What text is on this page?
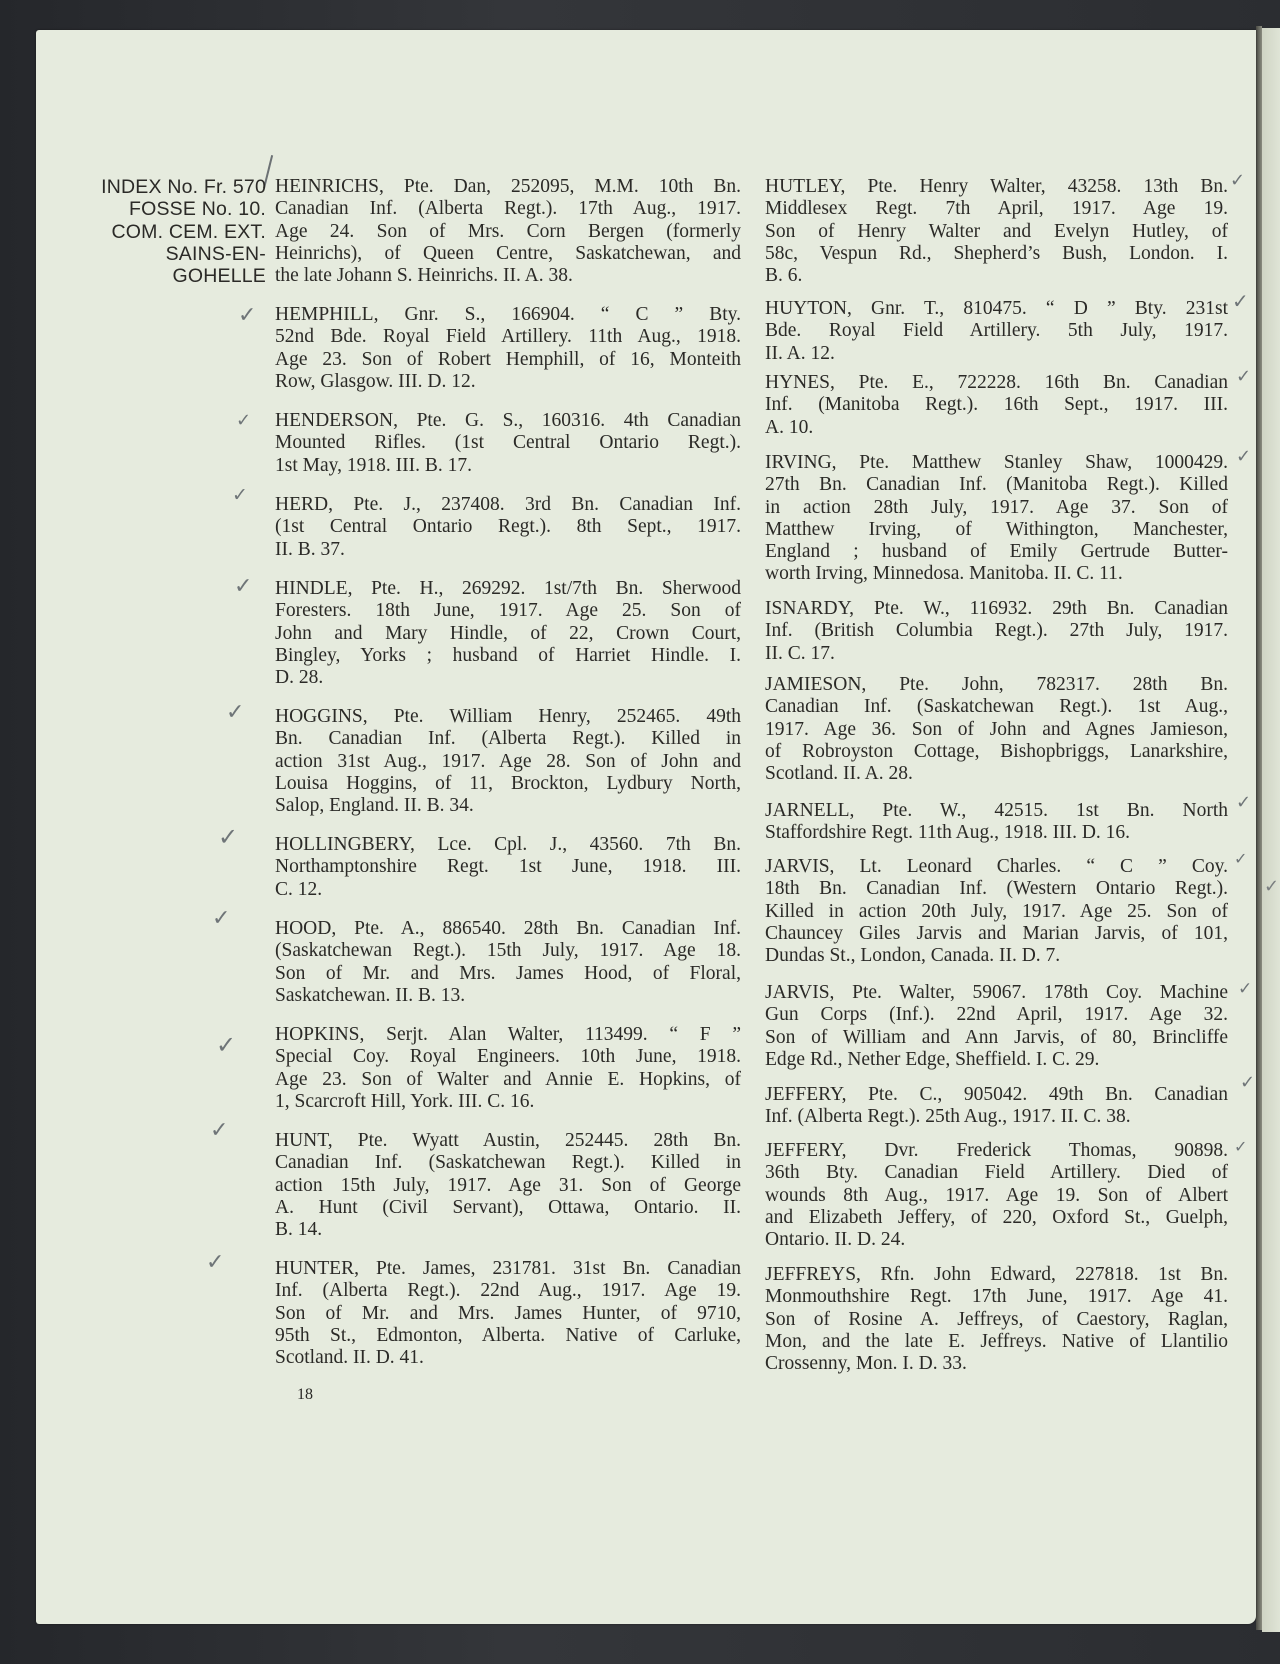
INDEX No. Fr. 570
FOSSE No. 10.
COM. CEM. EXT.
SAINS-EN-
GOHELLE
HEINRICHS, Pte. Dan, 252095, M.M. 10th Bn.
Canadian Inf. (Alberta Regt.). 17th Aug., 1917.
Age 24. Son of Mrs. Corn Bergen (formerly
Heinrichs), of Queen Centre, Saskatchewan, and
the late Johann S. Heinrichs. II. A. 38.
✓ HEMPHILL, Gnr. S., 166904. “ C ” Bty.
52nd Bde. Royal Field Artillery. 11th Aug., 1918.
Age 23. Son of Robert Hemphill, of 16, Monteith
Row, Glasgow. III. D. 12.
✓ HENDERSON, Pte. G. S., 160316. 4th Canadian
Mounted Rifles. (1st Central Ontario Regt.).
1st May, 1918. III. B. 17.
✓ HERD, Pte. J., 237408. 3rd Bn. Canadian Inf.
(1st Central Ontario Regt.). 8th Sept., 1917.
II. B. 37.
✓ HINDLE, Pte. H., 269292. 1st/7th Bn. Sherwood
Foresters. 18th June, 1917. Age 25. Son of
John and Mary Hindle, of 22, Crown Court,
Bingley, Yorks ; husband of Harriet Hindle. I.
D. 28.
✓ HOGGINS, Pte. William Henry, 252465. 49th
Bn. Canadian Inf. (Alberta Regt.). Killed in
action 31st Aug., 1917. Age 28. Son of John and
Louisa Hoggins, of 11, Brockton, Lydbury North,
Salop, England. II. B. 34.
✓ HOLLINGBERY, Lce. Cpl. J., 43560. 7th Bn.
Northamptonshire Regt. 1st June, 1918. III.
C. 12.
✓ HOOD, Pte. A., 886540. 28th Bn. Canadian Inf.
(Saskatchewan Regt.). 15th July, 1917. Age 18.
Son of Mr. and Mrs. James Hood, of Floral,
Saskatchewan. II. B. 13.
✓ HOPKINS, Serjt. Alan Walter, 113499. “ F ”
Special Coy. Royal Engineers. 10th June, 1918.
Age 23. Son of Walter and Annie E. Hopkins, of
1, Scarcroft Hill, York. III. C. 16.
✓ HUNT, Pte. Wyatt Austin, 252445. 28th Bn.
Canadian Inf. (Saskatchewan Regt.). Killed in
action 15th July, 1917. Age 31. Son of George
A. Hunt (Civil Servant), Ottawa, Ontario. II.
B. 14.
✓	HUNTER, Pte. James, 231781. 31st Bn. Canadian
Inf. (Alberta Regt.). 22nd Aug., 1917. Age 19.
Son of Mr. and Mrs. James Hunter, of 9710,
95th St., Edmonton, Alberta. Native of Carluke,
Scotland. II. D. 41.
18
HUTLEY, Pte. Henry Walter, 43258. 13th Bn.
Middlesex Regt. 7th April, 1917. Age 19.
Son of Henry Walter and Evelyn Hutley, of
58c, Vespun Rd., Shepherd’s Bush, London. I.
B. 6.
✓
HUYTON, Gnr. T., 810475. “ D ” Bty. 231st
Bde. Royal Field Artillery. 5th July, 1917.
II. A. 12.
✓
HYNES, Pte. E., 722228. 16th Bn. Canadian
Inf. (Manitoba Regt.). 16th Sept., 1917. III.
A. 10.
✓
IRVING, Pte. Matthew Stanley Shaw, 1000429.
27th Bn. Canadian Inf. (Manitoba Regt.). Killed
in action 28th July, 1917. Age 37. Son of
Matthew Irving, of Withington, Manchester,
England ; husband of Emily Gertrude Butter-
worth Irving, Minnedosa. Manitoba. II. C. 11.
✓
ISNARDY, Pte. W., 116932. 29th Bn. Canadian
Inf. (British Columbia Regt.). 27th July, 1917.
II. C. 17.
JAMIESON, Pte. John, 782317. 28th Bn.
Canadian Inf. (Saskatchewan Regt.). 1st Aug.,
1917. Age 36. Son of John and Agnes Jamieson,
of Robroyston Cottage, Bishopbriggs, Lanarkshire,
Scotland. II. A. 28.
JARNELL, Pte. W., 42515. 1st Bn. North
Staffordshire Regt. 11th Aug., 1918. III. D. 16.
✓
JARVIS, Lt. Leonard Charles. “ C ” Coy.
18th Bn. Canadian Inf. (Western Ontario Regt.).
Killed in action 20th July, 1917. Age 25. Son of
Chauncey Giles Jarvis and Marian Jarvis, of 101,
Dundas St., London, Canada. II. D. 7.
✓
JARVIS, Pte. Walter, 59067. 178th Coy. Machine
Gun Corps (Inf.). 22nd April, 1917. Age 32.
Son of William and Ann Jarvis, of 80, Brincliffe
Edge Rd., Nether Edge, Sheffield. I. C. 29.
✓
JEFFERY, Pte. C., 905042. 49th Bn. Canadian
Inf. (Alberta Regt.). 25th Aug., 1917. II. C. 38.
✓
JEFFERY, Dvr. Frederick Thomas, 90898.
36th Bty. Canadian Field Artillery. Died of
wounds 8th Aug., 1917. Age 19. Son of Albert
and Elizabeth Jeffery, of 220, Oxford St., Guelph,
Ontario. II. D. 24.
✓
JEFFREYS, Rfn. John Edward, 227818. 1st Bn.
Monmouthshire Regt. 17th June, 1917. Age 41.
Son of Rosine A. Jeffreys, of Caestory, Raglan,
Mon, and the late E. Jeffreys. Native of Llantilio
Crossenny, Mon. I. D. 33.
✓
